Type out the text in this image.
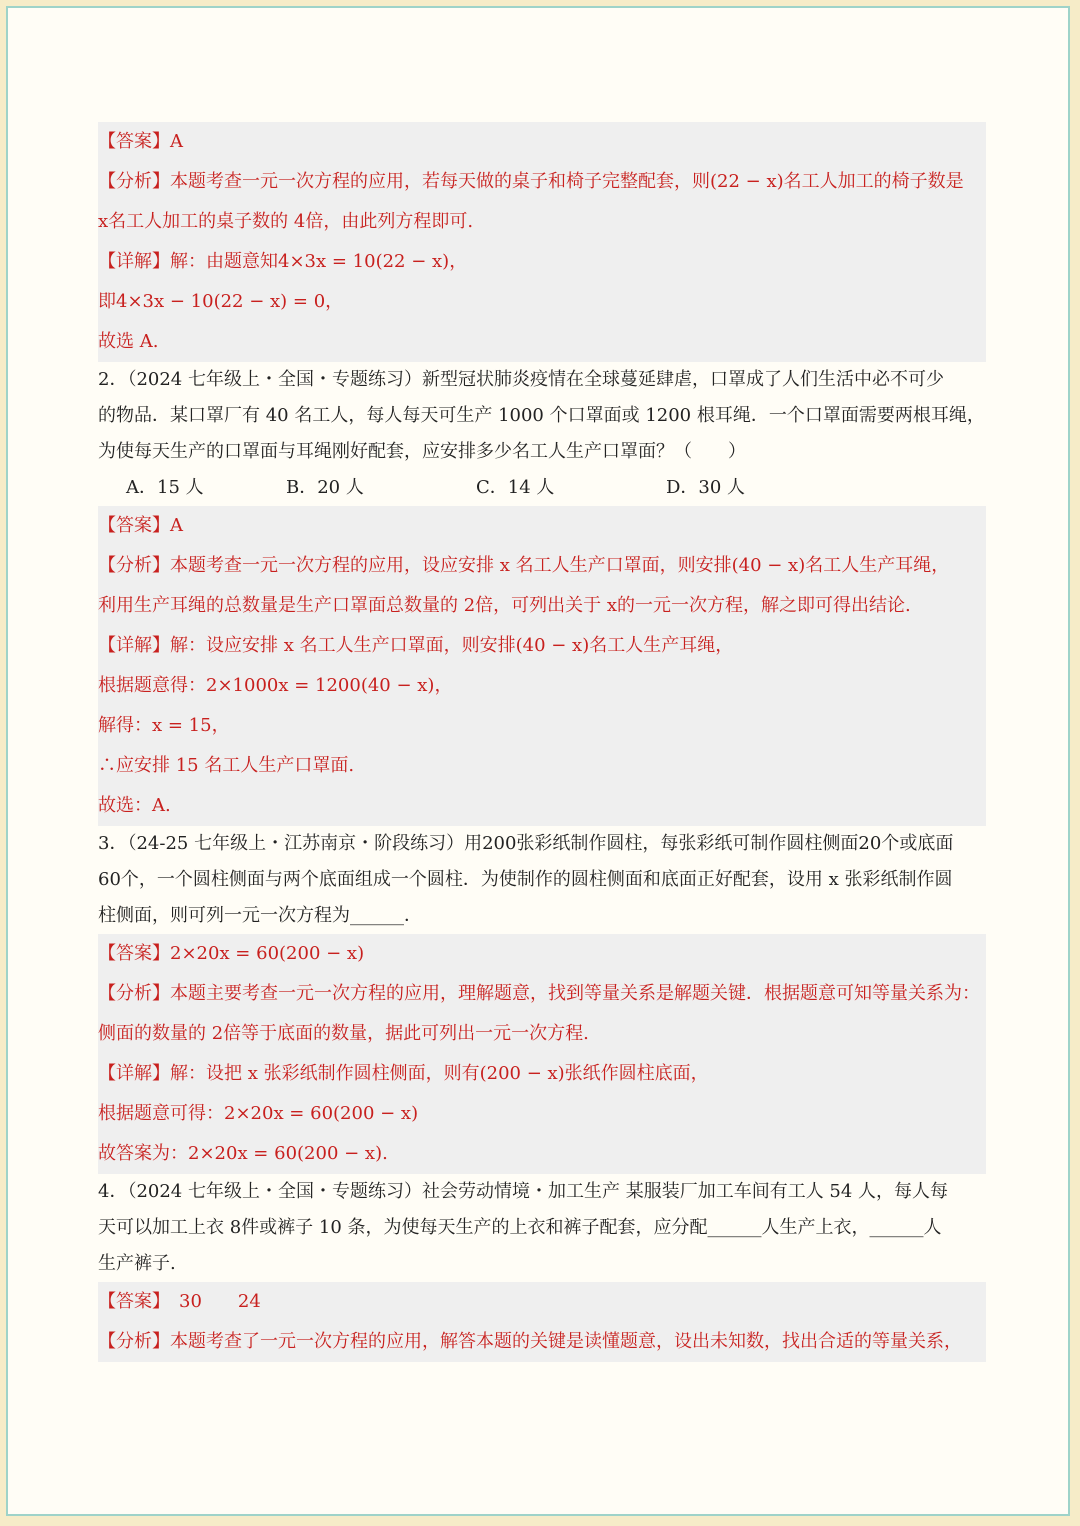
【答案】A
【分析】本题考查一元一次方程的应用，若每天做的桌子和椅子完整配套，则(22 − x)名工人加工的椅子数是
x名工人加工的桌子数的 4倍，由此列方程即可.
【详解】解：由题意知4×3x = 10(22 − x)，
即4×3x − 10(22 − x) = 0，
故选 A.
2．（2024 七年级上・全国・专题练习）新型冠状肺炎疫情在全球蔓延肆虐，口罩成了人们生活中必不可少
的物品．某口罩厂有 40 名工人，每人每天可生产 1000 个口罩面或 1200 根耳绳．一个口罩面需要两根耳绳，
为使每天生产的口罩面与耳绳刚好配套，应安排多少名工人生产口罩面？（　　）
A．15 人	B．20 人	C．14 人	D．30 人
【答案】A
【分析】本题考查一元一次方程的应用，设应安排 x 名工人生产口罩面，则安排(40 − x)名工人生产耳绳，
利用生产耳绳的总数量是生产口罩面总数量的 2倍，可列出关于 x的一元一次方程，解之即可得出结论.
【详解】解：设应安排 x 名工人生产口罩面，则安排(40 − x)名工人生产耳绳，
根据题意得：2×1000x = 1200(40 − x)，
解得：x = 15，
∴应安排 15 名工人生产口罩面.
故选：A.
3．（24-25 七年级上・江苏南京・阶段练习）用200张彩纸制作圆柱，每张彩纸可制作圆柱侧面20个或底面
60个，一个圆柱侧面与两个底面组成一个圆柱．为使制作的圆柱侧面和底面正好配套，设用 x 张彩纸制作圆
柱侧面，则可列一元一次方程为______．
【答案】2×20x = 60(200 − x)
【分析】本题主要考查一元一次方程的应用，理解题意，找到等量关系是解题关键．根据题意可知等量关系为：
侧面的数量的 2倍等于底面的数量，据此可列出一元一次方程.
【详解】解：设把 x 张彩纸制作圆柱侧面，则有(200 − x)张纸作圆柱底面，
根据题意可得：2×20x = 60(200 − x)
故答案为：2×20x = 60(200 − x).
4．（2024 七年级上・全国・专题练习）社会劳动情境・加工生产 某服装厂加工车间有工人 54 人，每人每
天可以加工上衣 8件或裤子 10 条，为使每天生产的上衣和裤子配套，应分配______人生产上衣，______人
生产裤子.
【答案】　30　　24
【分析】本题考查了一元一次方程的应用，解答本题的关键是读懂题意，设出未知数，找出合适的等量关系，
